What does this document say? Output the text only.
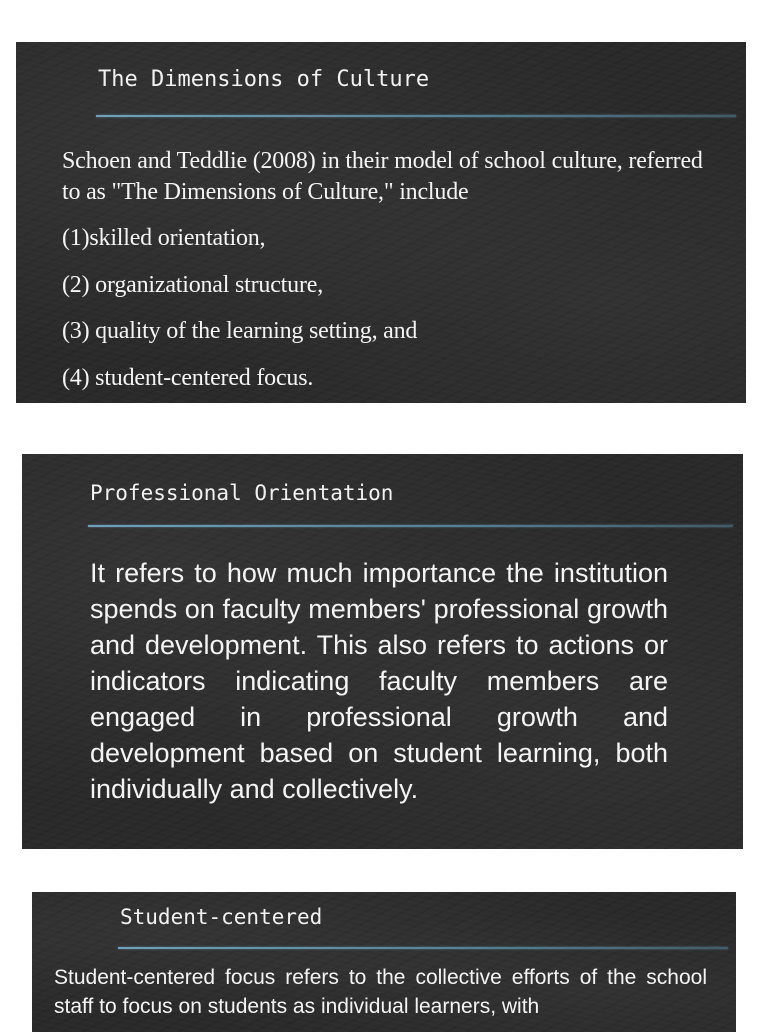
The Dimensions of Culture

Schoen and Teddlie (2008) in their model of school culture, referred to as "The Dimensions of Culture," include

(1)skilled orientation,

(2) organizational structure,

(3) quality of the learning setting, and

(4) student-centered focus.

Professional Orientation

It refers to how much importance the institution spends on faculty members' professional growth and development. This also refers to actions or indicators indicating faculty members are engaged in professional growth and development based on student learning, both individually and collectively.

Student-centered

Student-centered focus refers to the collective efforts of the school staff to focus on students as individual learners, with
